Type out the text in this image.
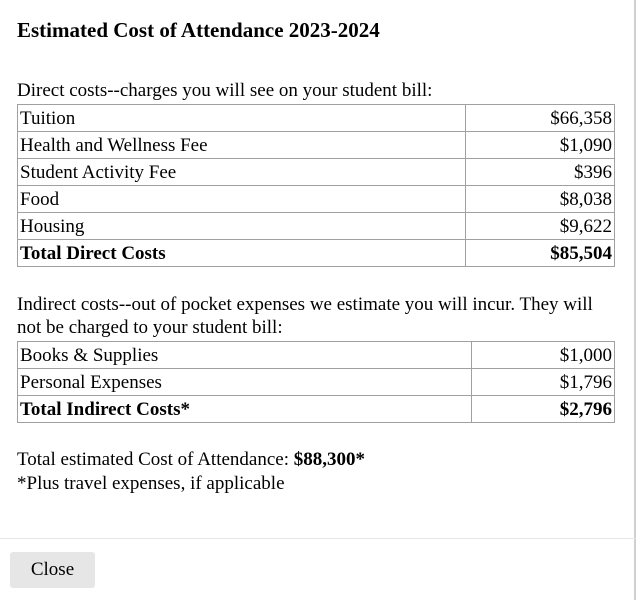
Estimated Cost of Attendance 2023-2024

Direct costs--charges you will see on your student bill:

Tuition	$66,358
Health and Wellness Fee	$1,090
Student Activity Fee	$396
Food	$8,038
Housing	$9,622
Total Direct Costs	$85,504

Indirect costs--out of pocket expenses we estimate you will incur. They will not be charged to your student bill:

Books & Supplies	$1,000
Personal Expenses	$1,796
Total Indirect Costs*	$2,796
Total estimated Cost of Attendance: $88,300*
*Plus travel expenses, if applicable
Close
